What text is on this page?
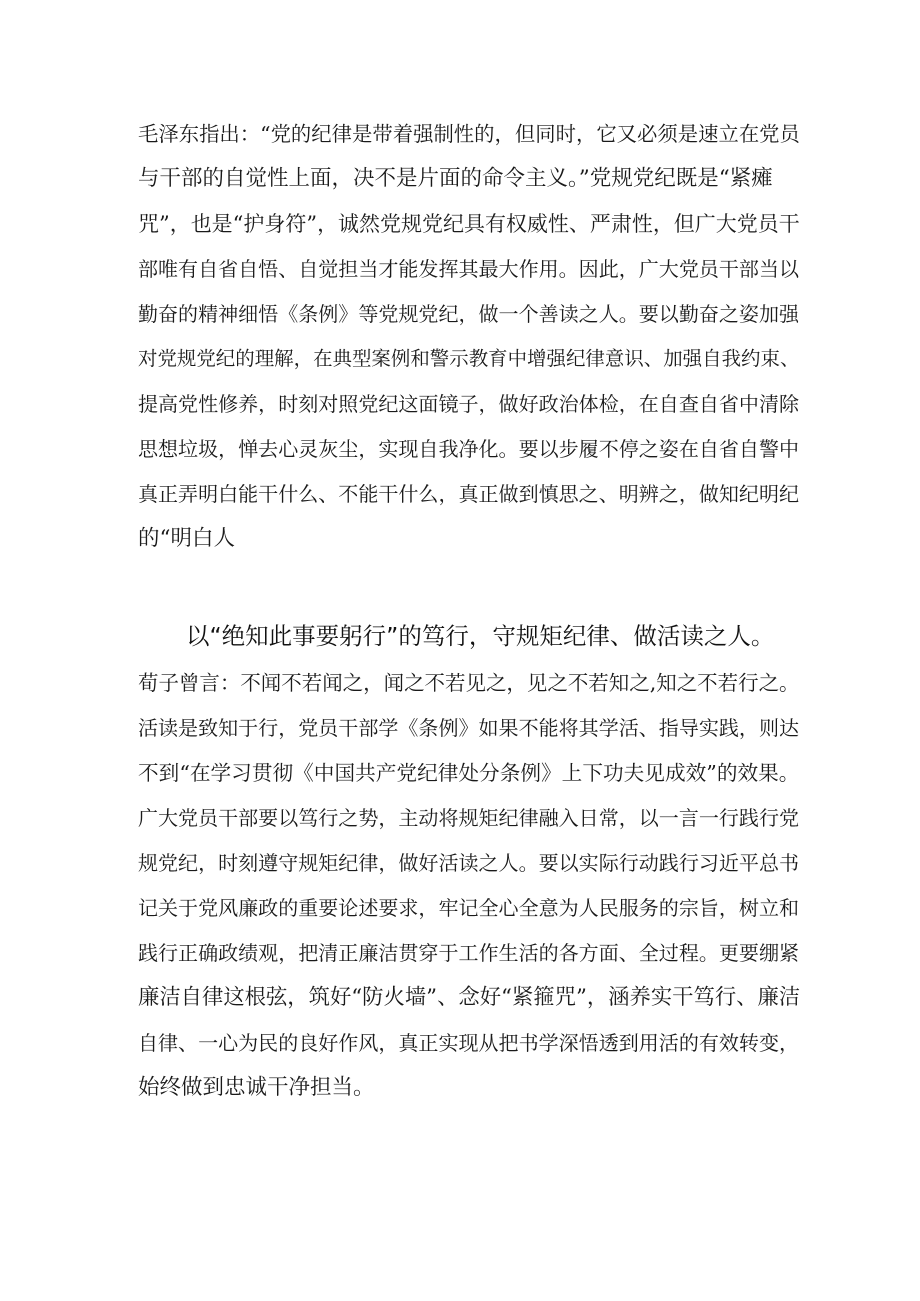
毛泽东指出：“党的纪律是带着强制性的，但同时，它又必须是速立在党员
与干部的自觉性上面，决不是片面的命令主义。”党规党纪既是“紧瘫
咒”，也是“护身符”，诚然党规党纪具有权威性、严肃性，但广大党员干
部唯有自省自悟、自觉担当才能发挥其最大作用。因此，广大党员干部当以
勤奋的精神细悟《条例》等党规党纪，做一个善读之人。要以勤奋之姿加强
对党规党纪的理解，在典型案例和警示教育中增强纪律意识、加强自我约束、
提高党性修养，时刻对照党纪这面镜子，做好政治体检，在自查自省中清除
思想垃圾，惮去心灵灰尘，实现自我净化。要以步履不停之姿在自省自警中
真正弄明白能干什么、不能干什么，真正做到慎思之、明辨之，做知纪明纪
的“明白人
以“绝知此事要躬行”的笃行，守规矩纪律、做活读之人。
荀子曾言：不闻不若闻之，闻之不若见之，见之不若知之,知之不若行之。
活读是致知于行，党员干部学《条例》如果不能将其学活、指导实践，则达
不到“在学习贯彻《中国共产党纪律处分条例》上下功夫见成效”的效果。
广大党员干部要以笃行之势，主动将规矩纪律融入日常，以一言一行践行党
规党纪，时刻遵守规矩纪律，做好活读之人。要以实际行动践行习近平总书
记关于党风廉政的重要论述要求，牢记全心全意为人民服务的宗旨，树立和
践行正确政绩观，把清正廉洁贯穿于工作生活的各方面、全过程。更要绷紧
廉洁自律这根弦，筑好“防火墙”、念好“紧箍咒”，涵养实干笃行、廉洁
自律、一心为民的良好作风，真正实现从把书学深悟透到用活的有效转变，
始终做到忠诚干净担当。
